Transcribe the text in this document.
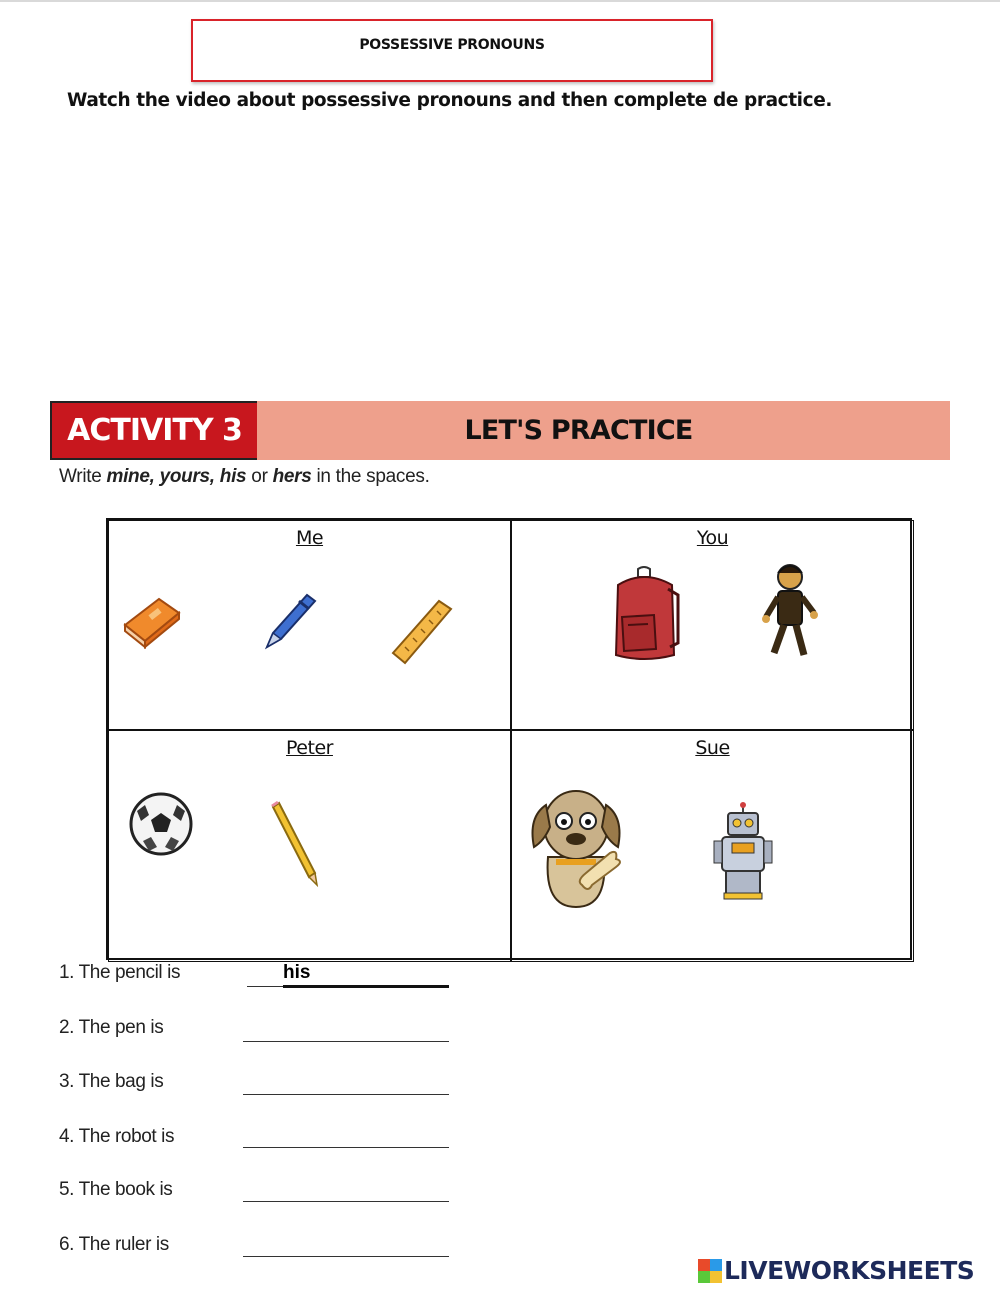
POSSESSIVE PRONOUNS
Watch the video about possessive pronouns and then complete de practice.
ACTIVITY 3	LET'S PRACTICE
Write mine, yours, his or hers in the spaces.
Me	You
Peter	Sue
1. The pencil is
his
2. The pen is
3. The bag is
4. The robot is
5. The book is
6. The ruler is
LIVEWORKSHEETS
